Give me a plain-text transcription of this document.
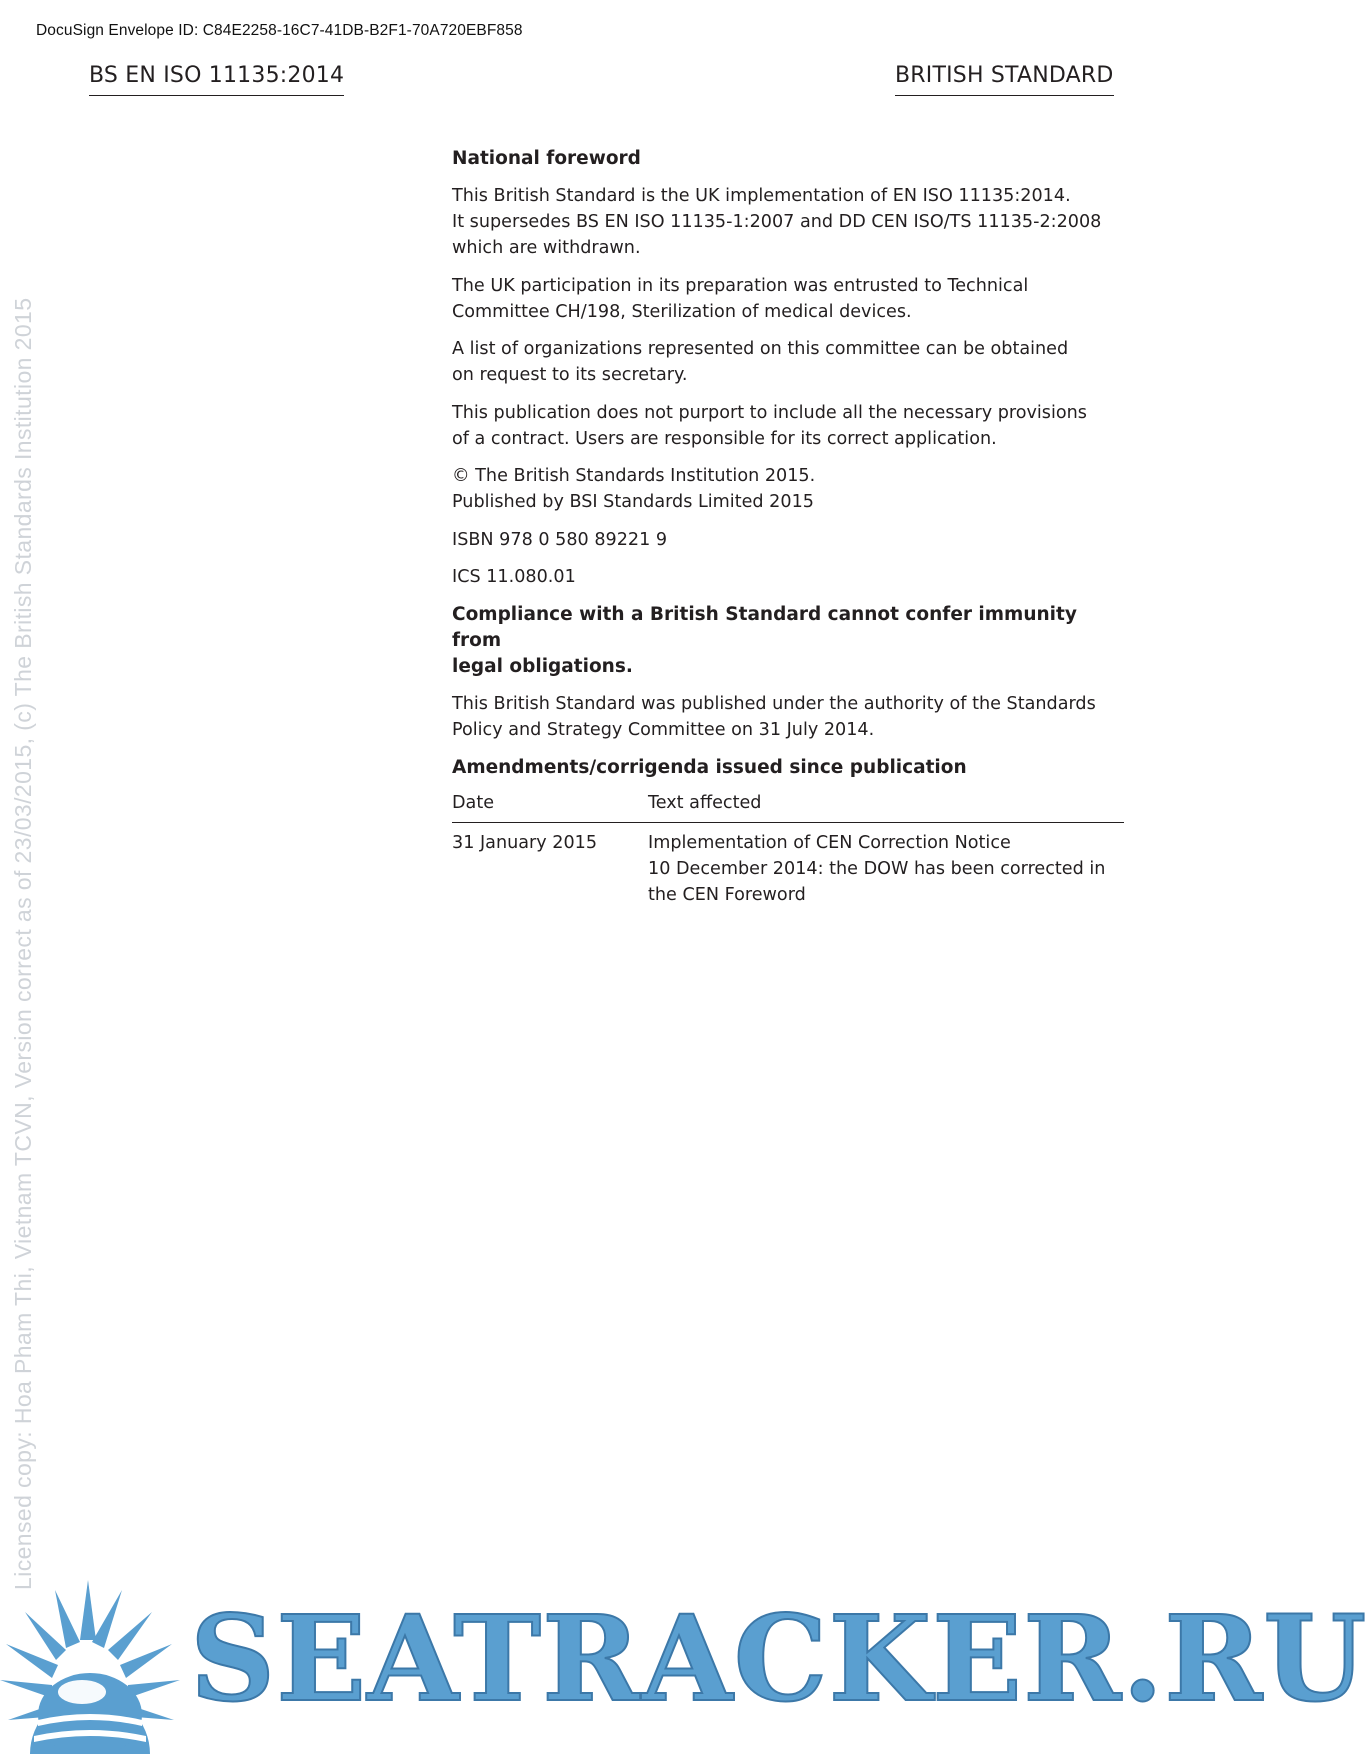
DocuSign Envelope ID: C84E2258-16C7-41DB-B2F1-70A720EBF858
BS EN ISO 11135:2014	BRITISH STANDARD
Licensed copy: Hoa Pham Thi, Vietnam TCVN, Version correct as of 23/03/2015, (c) The British Standards Institution 2015
National foreword

This British Standard is the UK implementation of EN ISO 11135:2014.
It supersedes BS EN ISO 11135-1:2007 and DD CEN ISO/TS 11135-2:2008
which are withdrawn.

The UK participation in its preparation was entrusted to Technical
Committee CH/198, Sterilization of medical devices.

A list of organizations represented on this committee can be obtained
on request to its secretary.

This publication does not purport to include all the necessary provisions
of a contract. Users are responsible for its correct application.

© The British Standards Institution 2015.
Published by BSI Standards Limited 2015

ISBN 978 0 580 89221 9

ICS 11.080.01

Compliance with a British Standard cannot confer immunity from
legal obligations.

This British Standard was published under the authority of the Standards
Policy and Strategy Committee on 31 July 2014.

Amendments/corrigenda issued since publication
Date	Text affected
31 January 2015	Implementation of CEN Correction Notice
10 December 2014: the DOW has been corrected in
the CEN Foreword
SEATRACKER.RU
